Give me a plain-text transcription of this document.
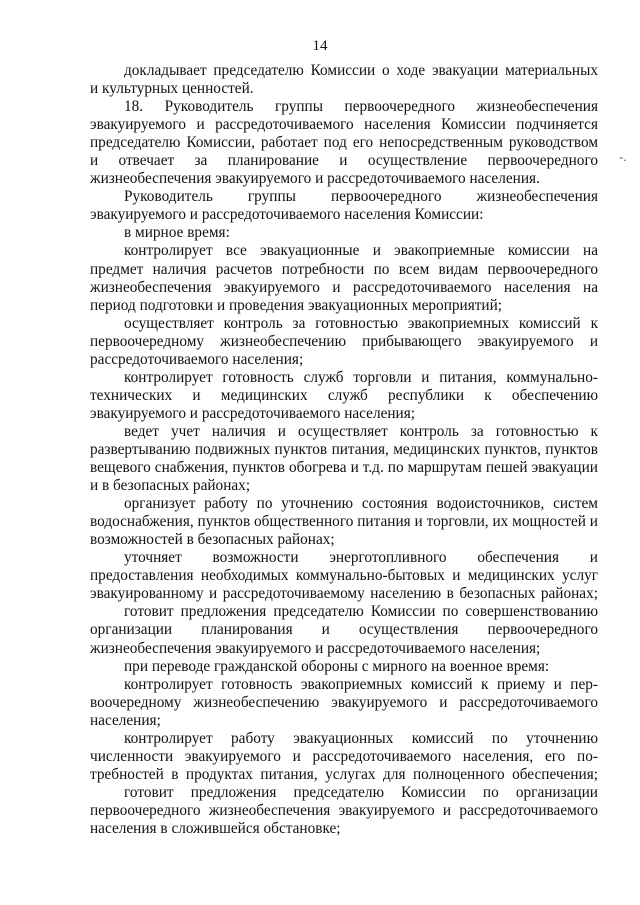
14
докладывает председателю Комиссии о ходе эвакуации материальных
и культурных ценностей.
18. Руководитель группы первоочередного жизнеобеспечения
эвакуируемого и рассредоточиваемого населения Комиссии подчиняется
председателю Комиссии, работает под его непосредственным руководством
и отвечает за планирование и осуществление первоочередного
жизнеобеспечения эвакуируемого и рассредоточиваемого населения.
Руководитель группы первоочередного жизнеобеспечения
эвакуируемого и рассредоточиваемого населения Комиссии:
в мирное время:
контролирует все эвакуационные и эвакоприемные комиссии на
предмет наличия расчетов потребности по всем видам первоочередного
жизнеобеспечения эвакуируемого и рассредоточиваемого населения на
период подготовки и проведения эвакуационных мероприятий;
осуществляет контроль за готовностью эвакоприемных комиссий к
первоочередному жизнеобеспечению прибывающего эвакуируемого и
рассредоточиваемого населения;
контролирует готовность служб торговли и питания, коммунально-
технических и медицинских служб республики к обеспечению
эвакуируемого и рассредоточиваемого населения;
ведет учет наличия и осуществляет контроль за готовностью к
развертыванию подвижных пунктов питания, медицинских пунктов, пунктов
вещевого снабжения, пунктов обогрева и т.д. по маршрутам пешей эвакуации
и в безопасных районах;
организует работу по уточнению состояния водоисточников, систем
водоснабжения, пунктов общественного питания и торговли, их мощностей и
возможностей в безопасных районах;
уточняет возможности энерготопливного обеспечения и
предоставления необходимых коммунально-бытовых и медицинских услуг
эвакуированному и рассредоточиваемому населению в безопасных районах;
готовит предложения председателю Комиссии по совершенствованию
организации планирования и осуществления первоочередного
жизнеобеспечения эвакуируемого и рассредоточиваемого населения;
при переводе гражданской обороны с мирного на военное время:
контролирует готовность эвакоприемных комиссий к приему и пер-
воочередному жизнеобеспечению эвакуируемого и рассредоточиваемого
населения;
контролирует работу эвакуационных комиссий по уточнению
численности эвакуируемого и рассредоточиваемого населения, его по-
требностей в продуктах питания, услугах для полноценного обеспечения;
готовит предложения председателю Комиссии по организации
первоочередного жизнеобеспечения эвакуируемого и рассредоточиваемого
населения в сложившейся обстановке;
-.
